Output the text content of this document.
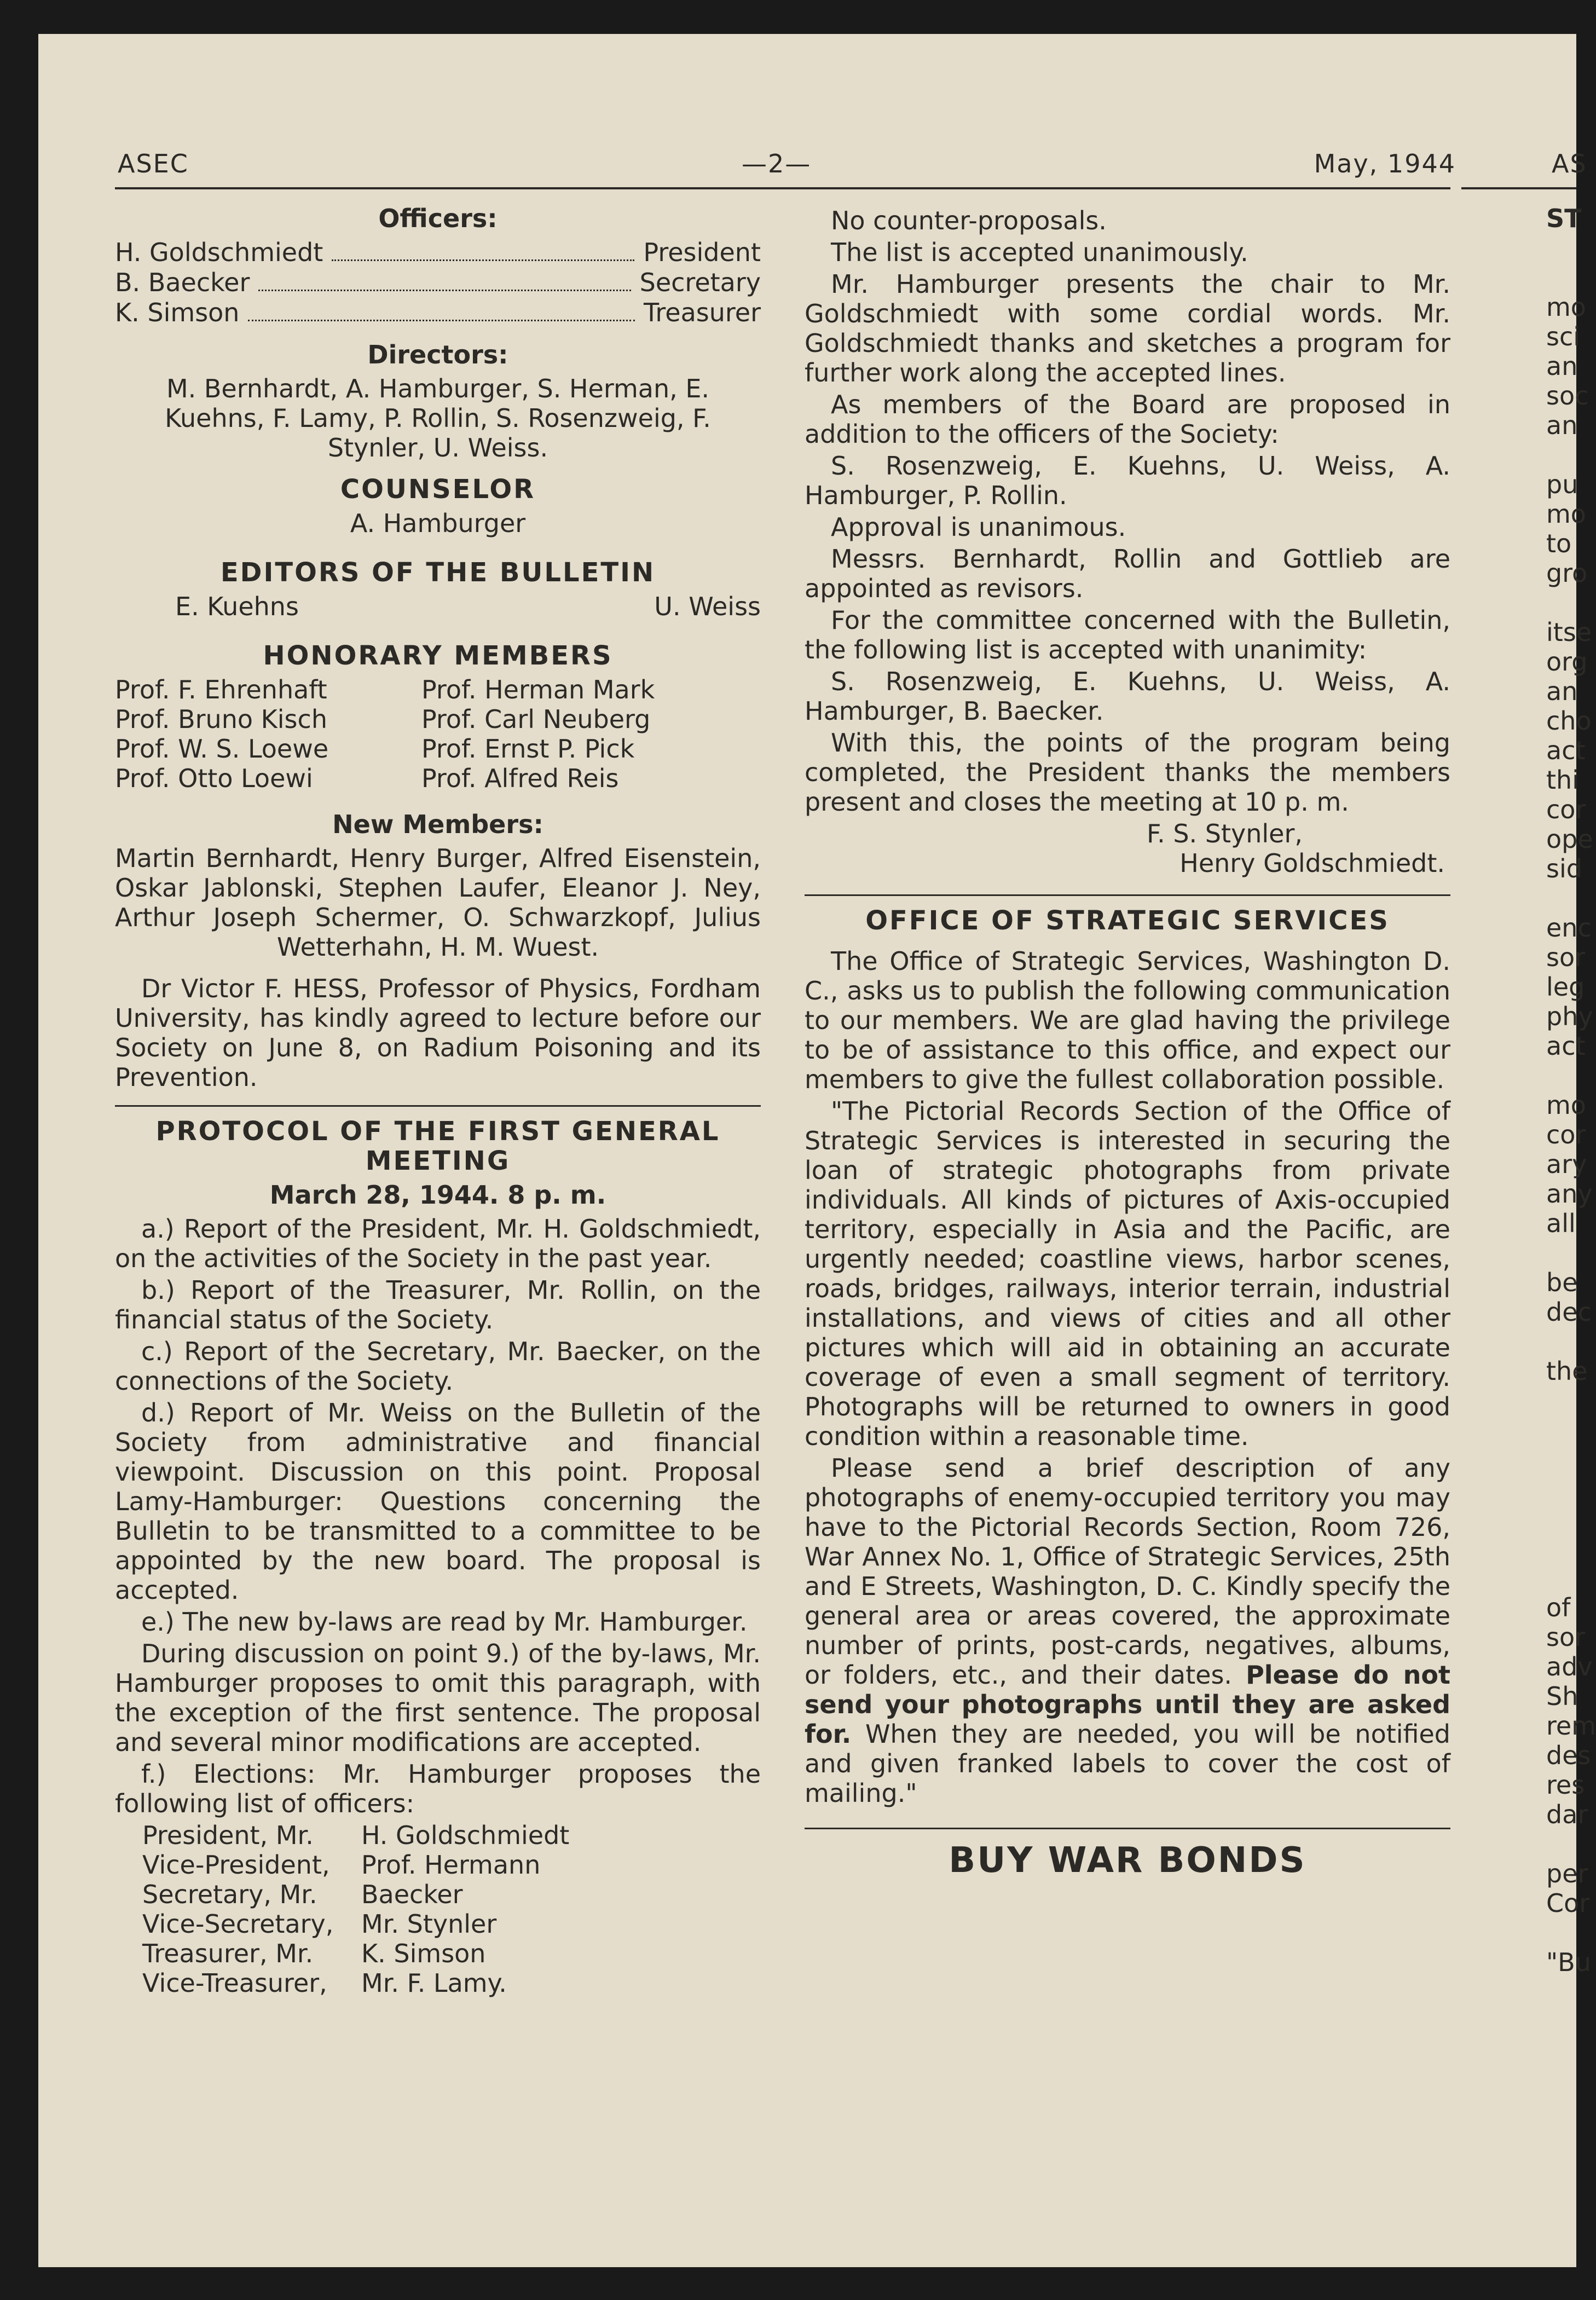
ASEC	—2—	May, 1944
Officers:
H. Goldschmiedt	President
B. Baecker	Secretary
K. Simson	Treasurer
Directors:
M. Bernhardt, A. Hamburger, S. Herman, E. Kuehns, F. Lamy, P. Rollin, S. Rosenzweig, F. Stynler, U. Weiss.
COUNSELOR
A. Hamburger
EDITORS OF THE BULLETIN
E. Kuehns	U. Weiss
HONORARY MEMBERS
Prof. F. Ehrenhaft	Prof. Herman Mark
Prof. Bruno Kisch	Prof. Carl Neuberg
Prof. W. S. Loewe	Prof. Ernst P. Pick
Prof. Otto Loewi	Prof. Alfred Reis
New Members:
Martin Bernhardt, Henry Burger, Alfred Eisenstein, Oskar Jablonski, Stephen Laufer, Eleanor J. Ney, Arthur Joseph Schermer, O. Schwarzkopf, Julius Wetterhahn, H. M. Wuest.
Dr Victor F. HESS, Professor of Physics, Fordham University, has kindly agreed to lecture before our Society on June 8, on Radium Poisoning and its Prevention.
PROTOCOL OF THE FIRST GENERAL MEETING
March 28, 1944. 8 p. m.
a.) Report of the President, Mr. H. Goldschmiedt, on the activities of the Society in the past year.
b.) Report of the Treasurer, Mr. Rollin, on the financial status of the Society.
c.) Report of the Secretary, Mr. Baecker, on the connections of the Society.
d.) Report of Mr. Weiss on the Bulletin of the Society from administrative and financial viewpoint. Discussion on this point. Proposal Lamy-Hamburger: Questions concerning the Bulletin to be transmitted to a committee to be appointed by the new board. The proposal is accepted.
e.) The new by-laws are read by Mr. Hamburger.
During discussion on point 9.) of the by-laws, Mr. Hamburger proposes to omit this paragraph, with the exception of the first sentence. The proposal and several minor modifications are accepted.
f.) Elections: Mr. Hamburger proposes the following list of officers:
President, Mr.	H. Goldschmiedt
Vice-President,	Prof. Hermann
Secretary, Mr.	Baecker
Vice-Secretary,	Mr. Stynler
Treasurer, Mr.	K. Simson
Vice-Treasurer,	Mr. F. Lamy.
No counter-proposals.
The list is accepted unanimously.
Mr. Hamburger presents the chair to Mr. Goldschmiedt with some cordial words. Mr. Goldschmiedt thanks and sketches a program for further work along the accepted lines.
As members of the Board are proposed in addition to the officers of the Society:
S. Rosenzweig, E. Kuehns, U. Weiss, A. Hamburger, P. Rollin.
Approval is unanimous.
Messrs. Bernhardt, Rollin and Gottlieb are appointed as revisors.
For the committee concerned with the Bulletin, the following list is accepted with unanimity:
S. Rosenzweig, E. Kuehns, U. Weiss, A. Hamburger, B. Baecker.
With this, the points of the program being completed, the President thanks the members present and closes the meeting at 10 p. m.
F. S. Stynler,
Henry Goldschmiedt.
OFFICE OF STRATEGIC SERVICES
The Office of Strategic Services, Washington D. C., asks us to publish the following communication to our members. We are glad having the privilege to be of assistance to this office, and expect our members to give the fullest collaboration possible.
"The Pictorial Records Section of the Office of Strategic Services is interested in securing the loan of strategic photographs from private individuals. All kinds of pictures of Axis-occupied territory, especially in Asia and the Pacific, are urgently needed; coastline views, harbor scenes, roads, bridges, railways, interior terrain, industrial installations, and views of cities and all other pictures which will aid in obtaining an accurate coverage of even a small segment of territory. Photographs will be returned to owners in good condition within a reasonable time.
Please send a brief description of any photographs of enemy-occupied territory you may have to the Pictorial Records Section, Room 726, War Annex No. 1, Office of Strategic Services, 25th and E Streets, Washington, D. C. Kindly specify the general area or areas covered, the approximate number of prints, post-cards, negatives, albums, or folders, etc., and their dates. Please do not send your photographs until they are asked for. When they are needed, you will be notified and given franked labels to cover the cost of mailing."
BUY WAR BONDS
AS
ST

mo
sci
an
soc
an

pu
mo
to
gro

itse
org
an
cho
act
thi
cor
ope
sid

enc
sor
leg
phy
act

mo
cor
ary
any
all

be
dec

the

of
sor
adv
Sh
rem
des
res
dar

per
Cor

"Bu
